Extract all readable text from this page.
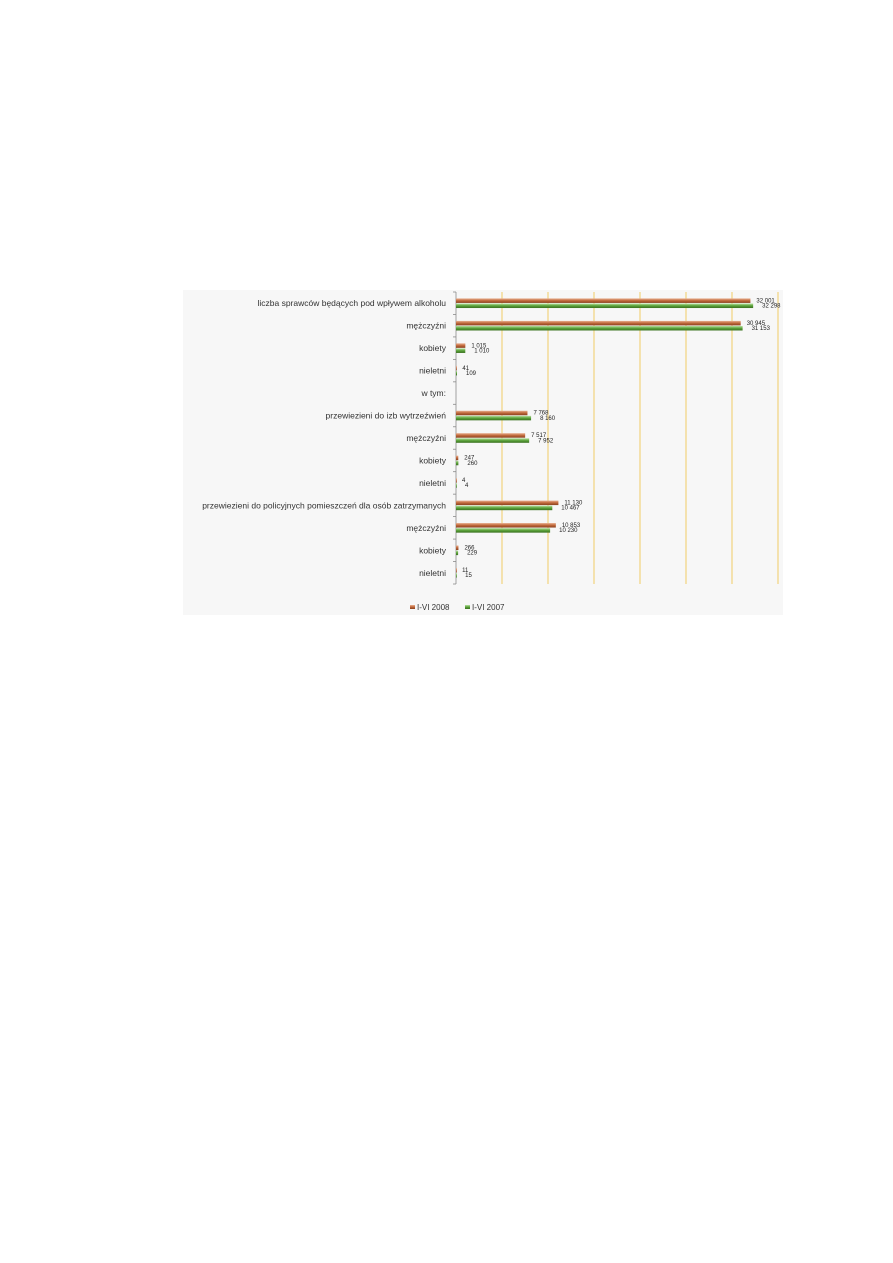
liczba sprawców będących pod wpływem alkoholu
mężczyźni
kobiety
nieletni
w tym:
przewiezieni do izb wytrzeźwień
mężczyźni
kobiety
nieletni
przewiezieni do policyjnych pomieszczeń dla osób zatrzymanych
mężczyźni
kobiety
nieletni
32 001
30 945
1 015
41
7 768
7 517
247
4
11 130
10 853
266
11
32 298
31 153
1 010
109
8 160
7 952
260
4
10 467
10 230
229
15
I-VI 2008	I-VI 2007
